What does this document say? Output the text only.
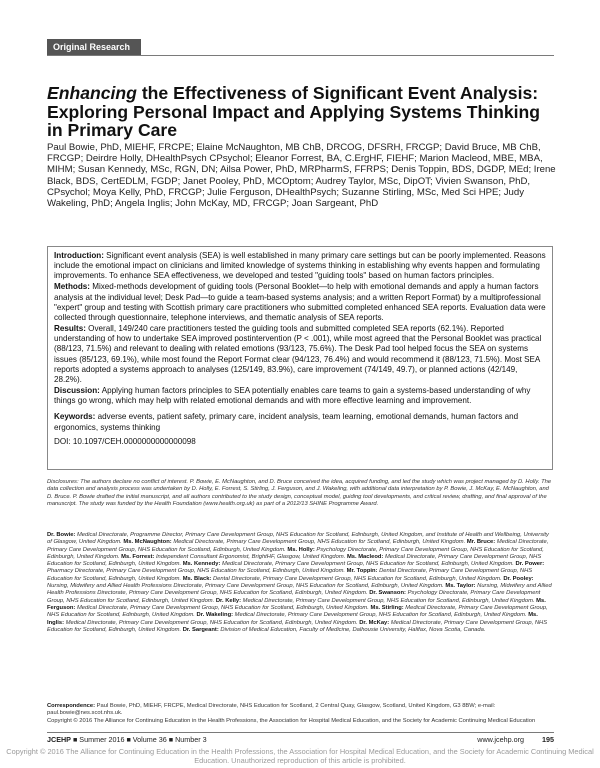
Original Research
Enhancing the Effectiveness of Significant Event Analysis: Exploring Personal Impact and Applying Systems Thinking in Primary Care
Paul Bowie, PhD, MIEHF, FRCPE; Elaine McNaughton, MB ChB, DRCOG, DFSRH, FRCGP; David Bruce, MB ChB, FRCGP; Deirdre Holly, DHealthPsych CPsychol; Eleanor Forrest, BA, C.ErgHF, FIEHF; Marion Macleod, MBE, MBA, MIHM; Susan Kennedy, MSc, RGN, DN; Ailsa Power, PhD, MRPharmS, FFRPS; Denis Toppin, BDS, DGDP, MEd; Irene Black, BDS, CertEDLM, FGDP; Janet Pooley, PhD, MCOptom; Audrey Taylor, MSc, DipOT; Vivien Swanson, PhD, CPsychol; Moya Kelly, PhD, FRCGP; Julie Ferguson, DHealthPsych; Suzanne Stirling, MSc, Med Sci HPE; Judy Wakeling, PhD; Angela Inglis; John McKay, MD, FRCGP; Joan Sargeant, PhD

Introduction: Significant event analysis (SEA) is well established in many primary care settings but can be poorly implemented. Reasons include the emotional impact on clinicians and limited knowledge of systems thinking in establishing why events happen and formulating improvements. To enhance SEA effectiveness, we developed and tested "guiding tools" based on human factors principles.

Methods: Mixed-methods development of guiding tools (Personal Booklet—to help with emotional demands and apply a human factors analysis at the individual level; Desk Pad—to guide a team-based systems analysis; and a written Report Format) by a multiprofessional "expert" group and testing with Scottish primary care practitioners who submitted completed enhanced SEA reports. Evaluation data were collected through questionnaire, telephone interviews, and thematic analysis of SEA reports.

Results: Overall, 149/240 care practitioners tested the guiding tools and submitted completed SEA reports (62.1%). Reported understanding of how to undertake SEA improved postintervention (P < .001), while most agreed that the Personal Booklet was practical (88/123, 71.5%) and relevant to dealing with related emotions (93/123, 75.6%). The Desk Pad tool helped focus the SEA on systems issues (85/123, 69.1%), while most found the Report Format clear (94/123, 76.4%) and would recommend it (88/123, 71.5%). Most SEA reports adopted a systems approach to analyses (125/149, 83.9%), care improvement (74/149, 49.7), or planned actions (42/149, 28.2%).

Discussion: Applying human factors principles to SEA potentially enables care teams to gain a systems-based understanding of why things go wrong, which may help with related emotional demands and with more effective learning and improvement.

Keywords: adverse events, patient safety, primary care, incident analysis, team learning, emotional demands, human factors and ergonomics, systems thinking

DOI: 10.1097/CEH.0000000000000098

Disclosures: The authors declare no conflict of interest. P. Bowie, E. McNaughton, and D. Bruce conceived the idea, acquired funding, and led the study which was project managed by D. Holly. The data collection and analysis process was undertaken by D. Holly, E. Forrest, S. Stirling, J. Ferguson, and J. Wakeling, with additional data interpretation by P. Bowie, J. McKay, E. McNaughton, and D. Bruce. P. Bowie drafted the initial manuscript, and all authors contributed to the study design, conceptual model, guiding tool developments, and critical review, drafting, and final approval of the manuscript. The study was funded by the Health Foundation (www.health.org.uk) as part of a 2012/13 SHINE Programme Award.
Dr. Bowie: Medical Directorate, Programme Director, Primary Care Development Group, NHS Education for Scotland, Edinburgh, United Kingdom, and Institute of Health and Wellbeing, University of Glasgow, United Kingdom. Ms. McNaughton: Medical Directorate, Primary Care Development Group, NHS Education for Scotland, Edinburgh, United Kingdom. Mr. Bruce: Medical Directorate, Primary Care Development Group, NHS Education for Scotland, Edinburgh, United Kingdom. Ms. Holly: Psychology Directorate, Primary Care Development Group, NHS Education for Scotland, Edinburgh, United Kingdom. Ms. Forrest: Independent Consultant Ergonomist, BrightHF, Glasgow, United Kingdom. Ms. Macleod: Medical Directorate, Primary Care Development Group, NHS Education for Scotland, Edinburgh, United Kingdom. Ms. Kennedy: Medical Directorate, Primary Care Development Group, NHS Education for Scotland, Edinburgh, United Kingdom. Dr. Power: Pharmacy Directorate, Primary Care Development Group, NHS Education for Scotland, Edinburgh, United Kingdom. Mr. Toppin: Dental Directorate, Primary Care Development Group, NHS Education for Scotland, Edinburgh, United Kingdom. Ms. Black: Dental Directorate, Primary Care Development Group, NHS Education for Scotland, Edinburgh, United Kingdom. Dr. Pooley: Nursing, Midwifery and Allied Health Professions Directorate, Primary Care Development Group, NHS Education for Scotland, Edinburgh, United Kingdom. Ms. Taylor: Nursing, Midwifery and Allied Health Professions Directorate, Primary Care Development Group, NHS Education for Scotland, Edinburgh, United Kingdom. Dr. Swanson: Psychology Directorate, Primary Care Development Group, NHS Education for Scotland, Edinburgh, United Kingdom. Dr. Kelly: Medical Directorate, Primary Care Development Group, NHS Education for Scotland, Edinburgh, United Kingdom. Ms. Ferguson: Medical Directorate, Primary Care Development Group, NHS Education for Scotland, Edinburgh, United Kingdom. Ms. Stirling: Medical Directorate, Primary Care Development Group, NHS Education for Scotland, Edinburgh, United Kingdom. Dr. Wakeling: Medical Directorate, Primary Care Development Group, NHS Education for Scotland, Edinburgh, United Kingdom. Ms. Inglis: Medical Directorate, Primary Care Development Group, NHS Education for Scotland, Edinburgh, United Kingdom. Dr. McKay: Medical Directorate, Primary Care Development Group, NHS Education for Scotland, Edinburgh, United Kingdom. Dr. Sargeant: Division of Medical Education, Faculty of Medicine, Dalhousie University, Halifax, Nova Scotia, Canada.
Correspondence: Paul Bowie, PhD, MIEHF, FRCPE, Medical Directorate, NHS Education for Scotland, 2 Central Quay, Glasgow, Scotland, United Kingdom, G3 8BW; e-mail: paul.bowie@nes.scot.nhs.uk.
Copyright © 2016 The Alliance for Continuing Education in the Health Professions, the Association for Hospital Medical Education, and the Society for Academic Continuing Medical Education
JCEHP ■ Summer 2016 ■ Volume 36 ■ Number 3	www.jcehp.org	195
Copyright © 2016 The Alliance for Continuing Education in the Health Professions, the Association for Hospital Medical Education, and the Society for Academic Continuing Medical Education. Unauthorized reproduction of this article is prohibited.
